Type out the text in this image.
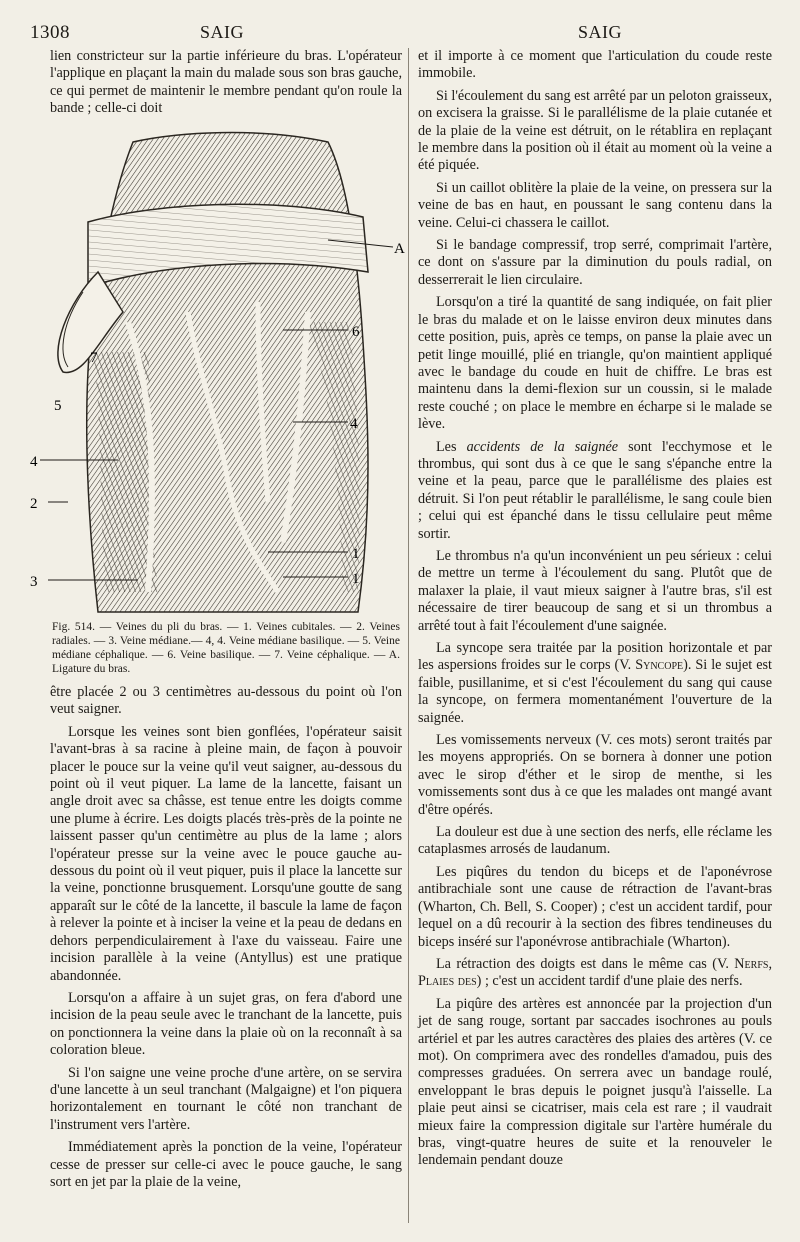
1308	SAIG	SAIG

lien constricteur sur la partie inférieure du bras. L'opérateur l'applique en plaçant la main du malade sous son bras gauche, ce qui permet de maintenir le membre pendant qu'on roule la bande ; celle-ci doit

A
6
7
5
4
4
2
1
3	1
Fig. 514. — Veines du pli du bras. — 1. Veines cubitales. — 2. Veines radiales. — 3. Veine médiane.— 4, 4. Veine médiane basilique. — 5. Veine médiane céphalique. — 6. Veine basilique. — 7. Veine céphalique. — A. Ligature du bras.

être placée 2 ou 3 centimètres au-dessous du point où l'on veut saigner.

Lorsque les veines sont bien gonflées, l'opérateur saisit l'avant-bras à sa racine à pleine main, de façon à pouvoir placer le pouce sur la veine qu'il veut saigner, au-dessous du point où il veut piquer. La lame de la lancette, faisant un angle droit avec sa châsse, est tenue entre les doigts comme une plume à écrire. Les doigts placés très-près de la pointe ne laissent passer qu'un centimètre au plus de la lame ; alors l'opérateur presse sur la veine avec le pouce gauche au-dessous du point où il veut piquer, puis il place la lancette sur la veine, ponctionne brusquement. Lorsqu'une goutte de sang apparaît sur le côté de la lancette, il bascule la lame de façon à relever la pointe et à inciser la veine et la peau de dedans en dehors perpendiculairement à l'axe du vaisseau. Faire une incision parallèle à la veine (Antyllus) est une pratique abandonnée.

Lorsqu'on a affaire à un sujet gras, on fera d'abord une incision de la peau seule avec le tranchant de la lancette, puis on ponctionnera la veine dans la plaie où on la reconnaît à sa coloration bleue.

Si l'on saigne une veine proche d'une artère, on se servira d'une lancette à un seul tranchant (Malgaigne) et l'on piquera horizontalement en tournant le côté non tranchant de l'instrument vers l'artère.

Immédiatement après la ponction de la veine, l'opérateur cesse de presser sur celle-ci avec le pouce gauche, le sang sort en jet par la plaie de la veine,

et il importe à ce moment que l'articulation du coude reste immobile.

Si l'écoulement du sang est arrêté par un peloton graisseux, on excisera la graisse. Si le parallélisme de la plaie cutanée et de la plaie de la veine est détruit, on le rétablira en replaçant le membre dans la position où il était au moment où la veine a été piquée.

Si un caillot oblitère la plaie de la veine, on pressera sur la veine de bas en haut, en poussant le sang contenu dans la veine. Celui-ci chassera le caillot.

Si le bandage compressif, trop serré, comprimait l'artère, ce dont on s'assure par la diminution du pouls radial, on desserrerait le lien circulaire.

Lorsqu'on a tiré la quantité de sang indiquée, on fait plier le bras du malade et on le laisse environ deux minutes dans cette position, puis, après ce temps, on panse la plaie avec un petit linge mouillé, plié en triangle, qu'on maintient appliqué avec le bandage du coude en huit de chiffre. Le bras est maintenu dans la demi-flexion sur un coussin, si le malade reste couché ; on place le membre en écharpe si le malade se lève.

Les accidents de la saignée sont l'ecchymose et le thrombus, qui sont dus à ce que le sang s'épanche entre la veine et la peau, parce que le parallélisme des plaies est détruit. Si l'on peut rétablir le parallélisme, le sang coule bien ; celui qui est épanché dans le tissu cellulaire peut même sortir.

Le thrombus n'a qu'un inconvénient un peu sérieux : celui de mettre un terme à l'écoulement du sang. Plutôt que de malaxer la plaie, il vaut mieux saigner à l'autre bras, s'il est nécessaire de tirer beaucoup de sang et si un thrombus a arrêté tout à fait l'écoulement d'une saignée.

La syncope sera traitée par la position horizontale et par les aspersions froides sur le corps (V. Syncope). Si le sujet est faible, pusillanime, et si c'est l'écoulement du sang qui cause la syncope, on fermera momentanément l'ouverture de la saignée.

Les vomissements nerveux (V. ces mots) seront traités par les moyens appropriés. On se bornera à donner une potion avec le sirop d'éther et le sirop de menthe, si les vomissements sont dus à ce que les malades ont mangé avant d'être opérés.

La douleur est due à une section des nerfs, elle réclame les cataplasmes arrosés de laudanum.

Les piqûres du tendon du biceps et de l'aponévrose antibrachiale sont une cause de rétraction de l'avant-bras (Wharton, Ch. Bell, S. Cooper) ; c'est un accident tardif, pour lequel on a dû recourir à la section des fibres tendineuses du biceps inséré sur l'aponévrose antibrachiale (Wharton).

La rétraction des doigts est dans le même cas (V. Nerfs, Plaies des) ; c'est un accident tardif d'une plaie des nerfs.

La piqûre des artères est annoncée par la projection d'un jet de sang rouge, sortant par saccades isochrones au pouls artériel et par les autres caractères des plaies des artères (V. ce mot). On comprimera avec des rondelles d'amadou, puis des compresses graduées. On serrera avec un bandage roulé, enveloppant le bras depuis le poignet jusqu'à l'aisselle. La plaie peut ainsi se cicatriser, mais cela est rare ; il vaudrait mieux faire la compression digitale sur l'artère humérale du bras, vingt-quatre heures de suite et la renouveler le lendemain pendant douze
